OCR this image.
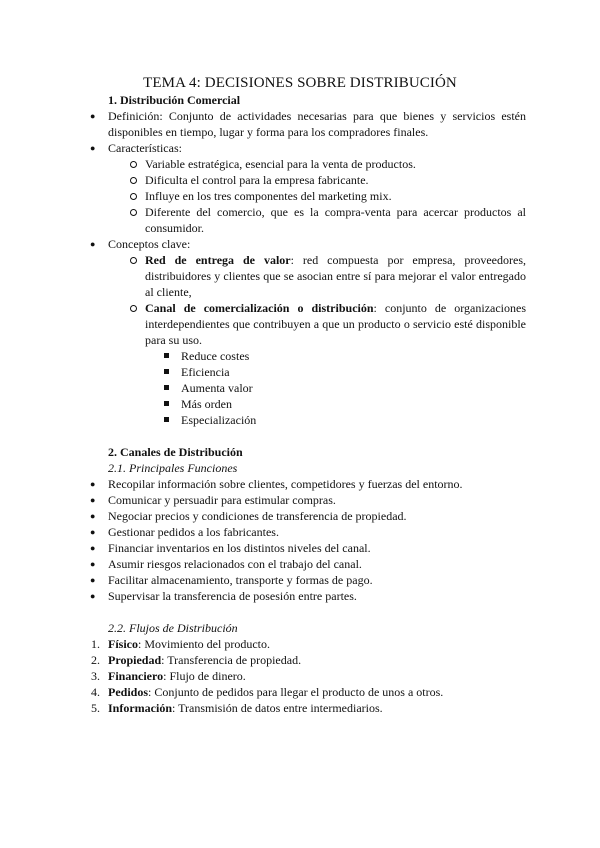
TEMA 4: DECISIONES SOBRE DISTRIBUCIÓN
1. Distribución Comercial
● Definición: Conjunto de actividades necesarias para que bienes y servicios estén disponibles en tiempo, lugar y forma para los compradores finales.
● Características:
Variable estratégica, esencial para la venta de productos.
Dificulta el control para la empresa fabricante.
Influye en los tres componentes del marketing mix.
Diferente del comercio, que es la compra-venta para acercar productos al consumidor.
● Conceptos clave:
Red de entrega de valor: red compuesta por empresa, proveedores, distribuidores y clientes que se asocian entre sí para mejorar el valor entregado al cliente,
Canal de comercialización o distribución: conjunto de organizaciones interdependientes que contribuyen a que un producto o servicio esté disponible para su uso.
Reduce costes
Eficiencia
Aumenta valor
Más orden
Especialización
2. Canales de Distribución
2.1. Principales Funciones
● Recopilar información sobre clientes, competidores y fuerzas del entorno.
● Comunicar y persuadir para estimular compras.
● Negociar precios y condiciones de transferencia de propiedad.
● Gestionar pedidos a los fabricantes.
● Financiar inventarios en los distintos niveles del canal.
● Asumir riesgos relacionados con el trabajo del canal.
● Facilitar almacenamiento, transporte y formas de pago.
● Supervisar la transferencia de posesión entre partes.
2.2. Flujos de Distribución
1. Físico: Movimiento del producto.
2. Propiedad: Transferencia de propiedad.
3. Financiero: Flujo de dinero.
4. Pedidos: Conjunto de pedidos para llegar el producto de unos a otros.
5. Información: Transmisión de datos entre intermediarios.
